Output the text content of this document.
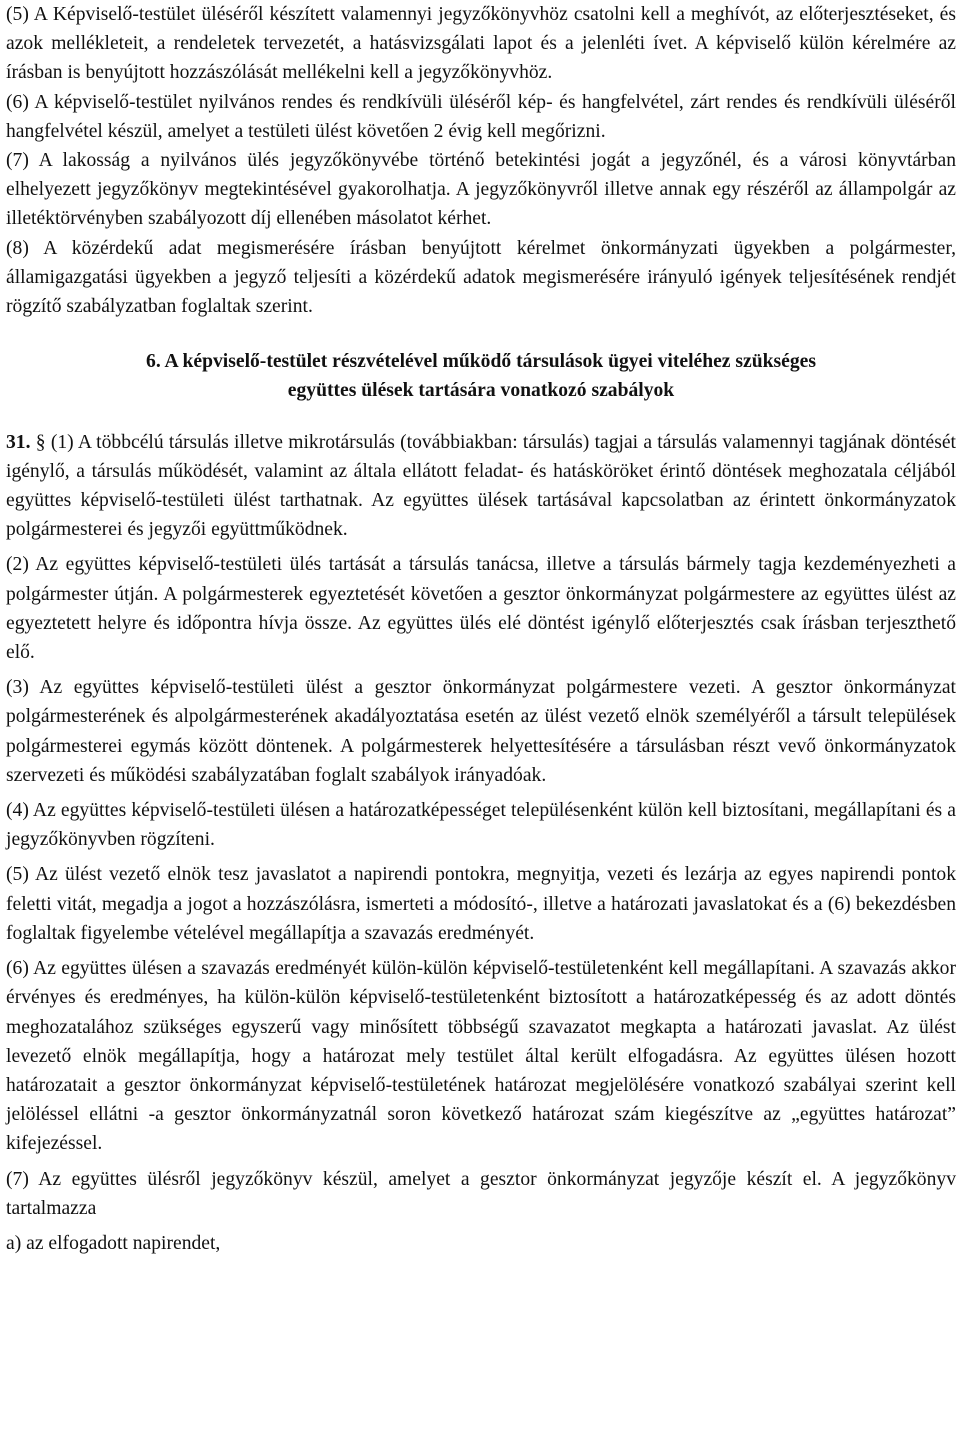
(5) A Képviselő-testület üléséről készített valamennyi jegyzőkönyvhöz csatolni kell a meghívót, az előterjesztéseket, és azok mellékleteit, a rendeletek tervezetét, a hatásvizsgálati lapot és a jelenléti ívet. A képviselő külön kérelmére az írásban is benyújtott hozzászólását mellékelni kell a jegyzőkönyvhöz.

(6) A képviselő-testület nyilvános rendes és rendkívüli üléséről kép- és hangfelvétel, zárt rendes és rendkívüli üléséről hangfelvétel készül, amelyet a testületi ülést követően 2 évig kell megőrizni.

(7) A lakosság a nyilvános ülés jegyzőkönyvébe történő betekintési jogát a jegyzőnél, és a városi könyvtárban elhelyezett jegyzőkönyv megtekintésével gyakorolhatja. A jegyzőkönyvről illetve annak egy részéről az állampolgár az illetéktörvényben szabályozott díj ellenében másolatot kérhet.

(8) A közérdekű adat megismerésére írásban benyújtott kérelmet önkormányzati ügyekben a polgármester, államigazgatási ügyekben a jegyző teljesíti a közérdekű adatok megismerésére irányuló igények teljesítésének rendjét rögzítő szabályzatban foglaltak szerint.

6. A képviselő-testület részvételével működő társulások ügyei viteléhez szükséges
együttes ülések tartására vonatkozó szabályok

31. § (1) A többcélú társulás illetve mikrotársulás (továbbiakban: társulás) tagjai a társulás valamennyi tagjának döntését igénylő, a társulás működését, valamint az általa ellátott feladat- és hatásköröket érintő döntések meghozatala céljából együttes képviselő-testületi ülést tarthatnak. Az együttes ülések tartásával kapcsolatban az érintett önkormányzatok polgármesterei és jegyzői együttműködnek.

(2) Az együttes képviselő-testületi ülés tartását a társulás tanácsa, illetve a társulás bármely tagja kezdeményezheti a polgármester útján. A polgármesterek egyeztetését követően a gesztor önkormányzat polgármestere az együttes ülést az egyeztetett helyre és időpontra hívja össze. Az együttes ülés elé döntést igénylő előterjesztés csak írásban terjeszthető elő.

(3) Az együttes képviselő-testületi ülést a gesztor önkormányzat polgármestere vezeti. A gesztor önkormányzat polgármesterének és alpolgármesterének akadályoztatása esetén az ülést vezető elnök személyéről a társult települések polgármesterei egymás között döntenek. A polgármesterek helyettesítésére a társulásban részt vevő önkormányzatok szervezeti és működési szabályzatában foglalt szabályok irányadóak.

(4) Az együttes képviselő-testületi ülésen a határozatképességet településenként külön kell biztosítani, megállapítani és a jegyzőkönyvben rögzíteni.

(5) Az ülést vezető elnök tesz javaslatot a napirendi pontokra, megnyitja, vezeti és lezárja az egyes napirendi pontok feletti vitát, megadja a jogot a hozzászólásra, ismerteti a módosító-, illetve a határozati javaslatokat és a (6) bekezdésben foglaltak figyelembe vételével megállapítja a szavazás eredményét.

(6) Az együttes ülésen a szavazás eredményét külön-külön képviselő-testületenként kell megállapítani. A szavazás akkor érvényes és eredményes, ha külön-külön képviselő-testületenként biztosított a határozatképesség és az adott döntés meghozatalához szükséges egyszerű vagy minősített többségű szavazatot megkapta a határozati javaslat. Az ülést levezető elnök megállapítja, hogy a határozat mely testület által került elfogadásra. Az együttes ülésen hozott határozatait a gesztor önkormányzat képviselő-testületének határozat megjelölésére vonatkozó szabályai szerint kell jelöléssel ellátni -a gesztor önkormányzatnál soron következő határozat szám kiegészítve az „együttes határozat” kifejezéssel.

(7) Az együttes ülésről jegyzőkönyv készül, amelyet a gesztor önkormányzat jegyzője készít el. A jegyzőkönyv tartalmazza

a) az elfogadott napirendet,
